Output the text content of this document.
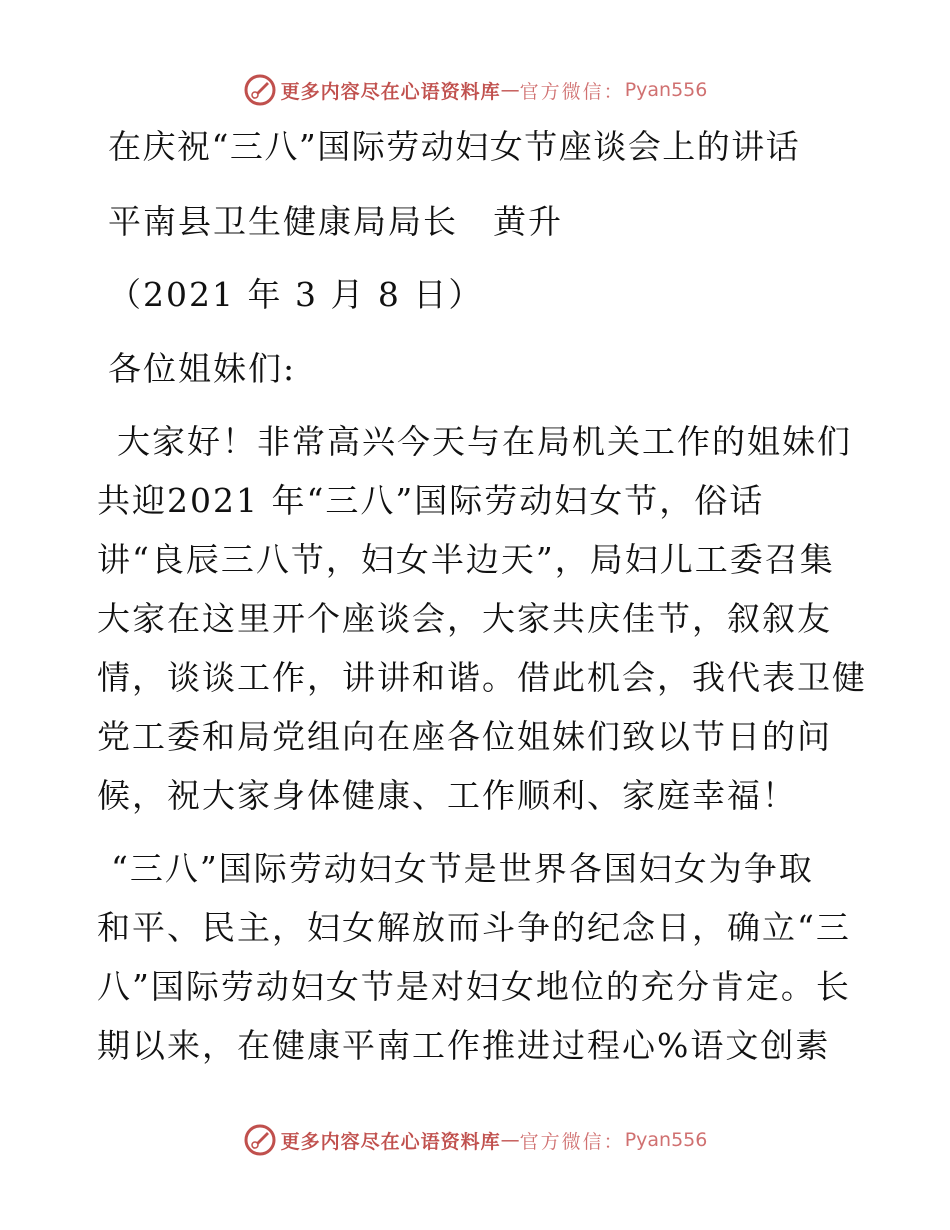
更多内容尽在心语资料库 — 官方微信： Pyan556
在庆祝“三八”国际劳动妇女节座谈会上的讲话
平南县卫生健康局局长　黄升
（2021 年 3 月 8 日）
各位姐妹们:
大家好！非常高兴今天与在局机关工作的姐妹们
共迎2021 年“三八”国际劳动妇女节，俗话
讲“良辰三八节，妇女半边天”，局妇儿工委召集
大家在这里开个座谈会，大家共庆佳节，叙叙友
情，谈谈工作，讲讲和谐。借此机会，我代表卫健
党工委和局党组向在座各位姐妹们致以节日的问
候，祝大家身体健康、工作顺利、家庭幸福！
“三八”国际劳动妇女节是世界各国妇女为争取
和平、民主，妇女解放而斗争的纪念日，确立“三
八”国际劳动妇女节是对妇女地位的充分肯定。长
期以来，在健康平南工作推进过程心%语文创素
更多内容尽在心语资料库 — 官方微信： Pyan556
